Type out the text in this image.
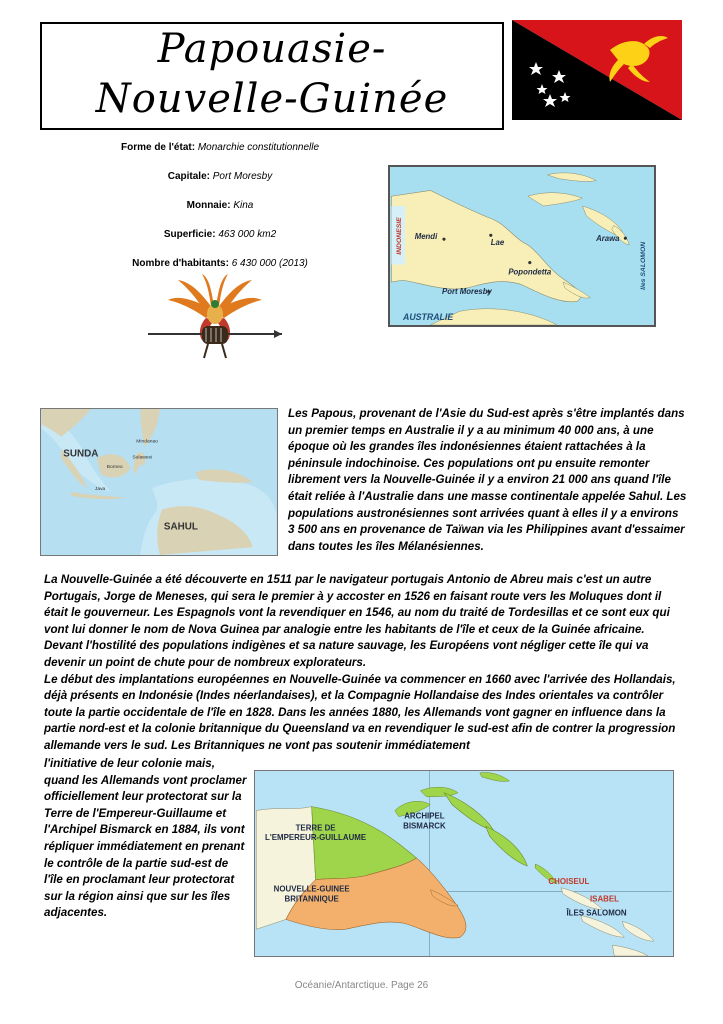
Papouasie-
Nouvelle-Guinée
Forme de l'état: Monarchie constitutionnelle
Capitale: Port Moresby
Monnaie: Kina
Superficie: 463 000 km2
Nombre d'habitants: 6 430 000 (2013)
INDONESIE
Iles SALOMON
AUSTRALIE
Mendi
Lae	Arawa
Popondetta
Port Moresby
SUNDA
SAHUL
Borneo
Sulawesi
Java
Mindanao
Les Papous, provenant de l'Asie du Sud-est après s'être implantés dans un premier temps en Australie il y a au minimum 40 000 ans, à une époque où les grandes îles indonésiennes étaient rattachées à la péninsule indochinoise. Ces populations ont pu ensuite remonter librement vers la Nouvelle-Guinée il y a environ 21 000 ans quand l'île était reliée à l'Australie dans une masse continentale appelée Sahul. Les populations austronésiennes sont arrivées quant à elles il y a environs 3 500 ans en provenance de Taïwan via les Philippines avant d'essaimer dans toutes les îles Mélanésiennes.
La Nouvelle-Guinée a été découverte en 1511 par le navigateur portugais Antonio de Abreu mais c'est un autre Portugais, Jorge de Meneses, qui sera le premier à y accoster en 1526 en faisant route vers les Moluques dont il était le gouverneur. Les Espagnols vont la revendiquer en 1546, au nom du traité de Tordesillas et ce sont eux qui vont lui donner le nom de Nova Guinea par analogie entre les habitants de l'île et ceux de la Guinée africaine. Devant l'hostilité des populations indigènes et sa nature sauvage, les Européens vont négliger cette île qui va devenir un point de chute pour de nombreux explorateurs.
Le début des implantations européennes en Nouvelle-Guinée va commencer en 1660 avec l'arrivée des Hollandais, déjà présents en Indonésie (Indes néerlandaises), et la Compagnie Hollandaise des Indes orientales va contrôler toute la partie occidentale de l'île en 1828. Dans les années 1880, les Allemands vont gagner en influence dans la partie nord-est et la colonie britannique du Queensland va en revendiquer le sud-est afin de contrer la progression allemande vers le sud. Les Britanniques ne vont pas soutenir immédiatement
l'initiative de leur colonie mais, quand les Allemands vont proclamer officiellement leur protectorat sur la Terre de l'Empereur-Guillaume et l'Archipel Bismarck en 1884, ils vont répliquer immédiatement en prenant le contrôle de la partie sud-est de l'île en proclamant leur protectorat sur la région ainsi que sur les îles adjacentes.
ARCHIPEL
BISMARCK
TERRE DE
L'EMPEREUR-GUILLAUME
NOUVELLE-GUINEE
BRITANNIQUE
ÎLES SALOMON
CHOISEUL
ISABEL
Océanie/Antarctique. Page 26
